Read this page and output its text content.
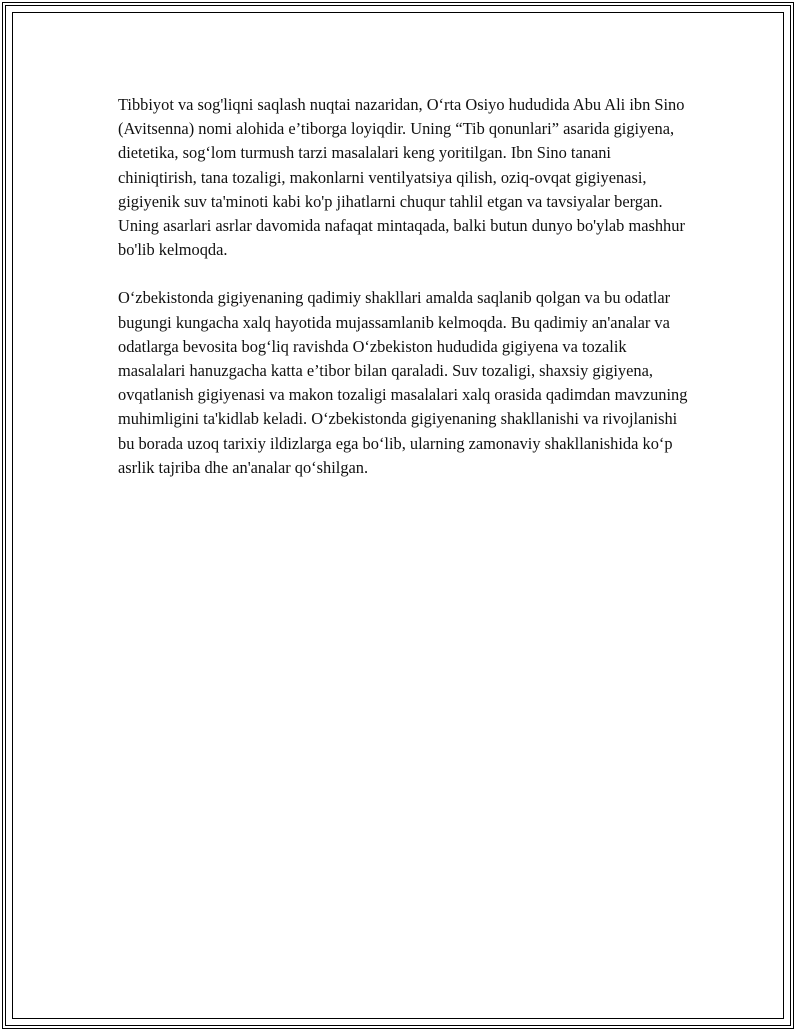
Tibbiyot va sog'liqni saqlash nuqtai nazaridan, O‘rta Osiyo hududida Abu Ali ibn Sino (Avitsenna) nomi alohida e’tiborga loyiqdir. Uning “Tib qonunlari” asarida gigiyena, dietetika, sog‘lom turmush tarzi masalalari keng yoritilgan. Ibn Sino tanani chiniqtirish, tana tozaligi, makonlarni ventilyatsiya qilish, oziq-ovqat gigiyenasi, gigiyenik suv ta'minoti kabi ko'p jihatlarni chuqur tahlil etgan va tavsiyalar bergan. Uning asarlari asrlar davomida nafaqat mintaqada, balki butun dunyo bo'ylab mashhur bo'lib kelmoqda.

O‘zbekistonda gigiyenaning qadimiy shakllari amalda saqlanib qolgan va bu odatlar bugungi kungacha xalq hayotida mujassamlanib kelmoqda. Bu qadimiy an'analar va odatlarga bevosita bog‘liq ravishda O‘zbekiston hududida gigiyena va tozalik masalalari hanuzgacha katta e’tibor bilan qaraladi. Suv tozaligi, shaxsiy gigiyena, ovqatlanish gigiyenasi va makon tozaligi masalalari xalq orasida qadimdan mavzuning muhimligini ta'kidlab keladi. O‘zbekistonda gigiyenaning shakllanishi va rivojlanishi bu borada uzoq tarixiy ildizlarga ega bo‘lib, ularning zamonaviy shakllanishida ko‘p asrlik tajriba dhe an'analar qo‘shilgan.
